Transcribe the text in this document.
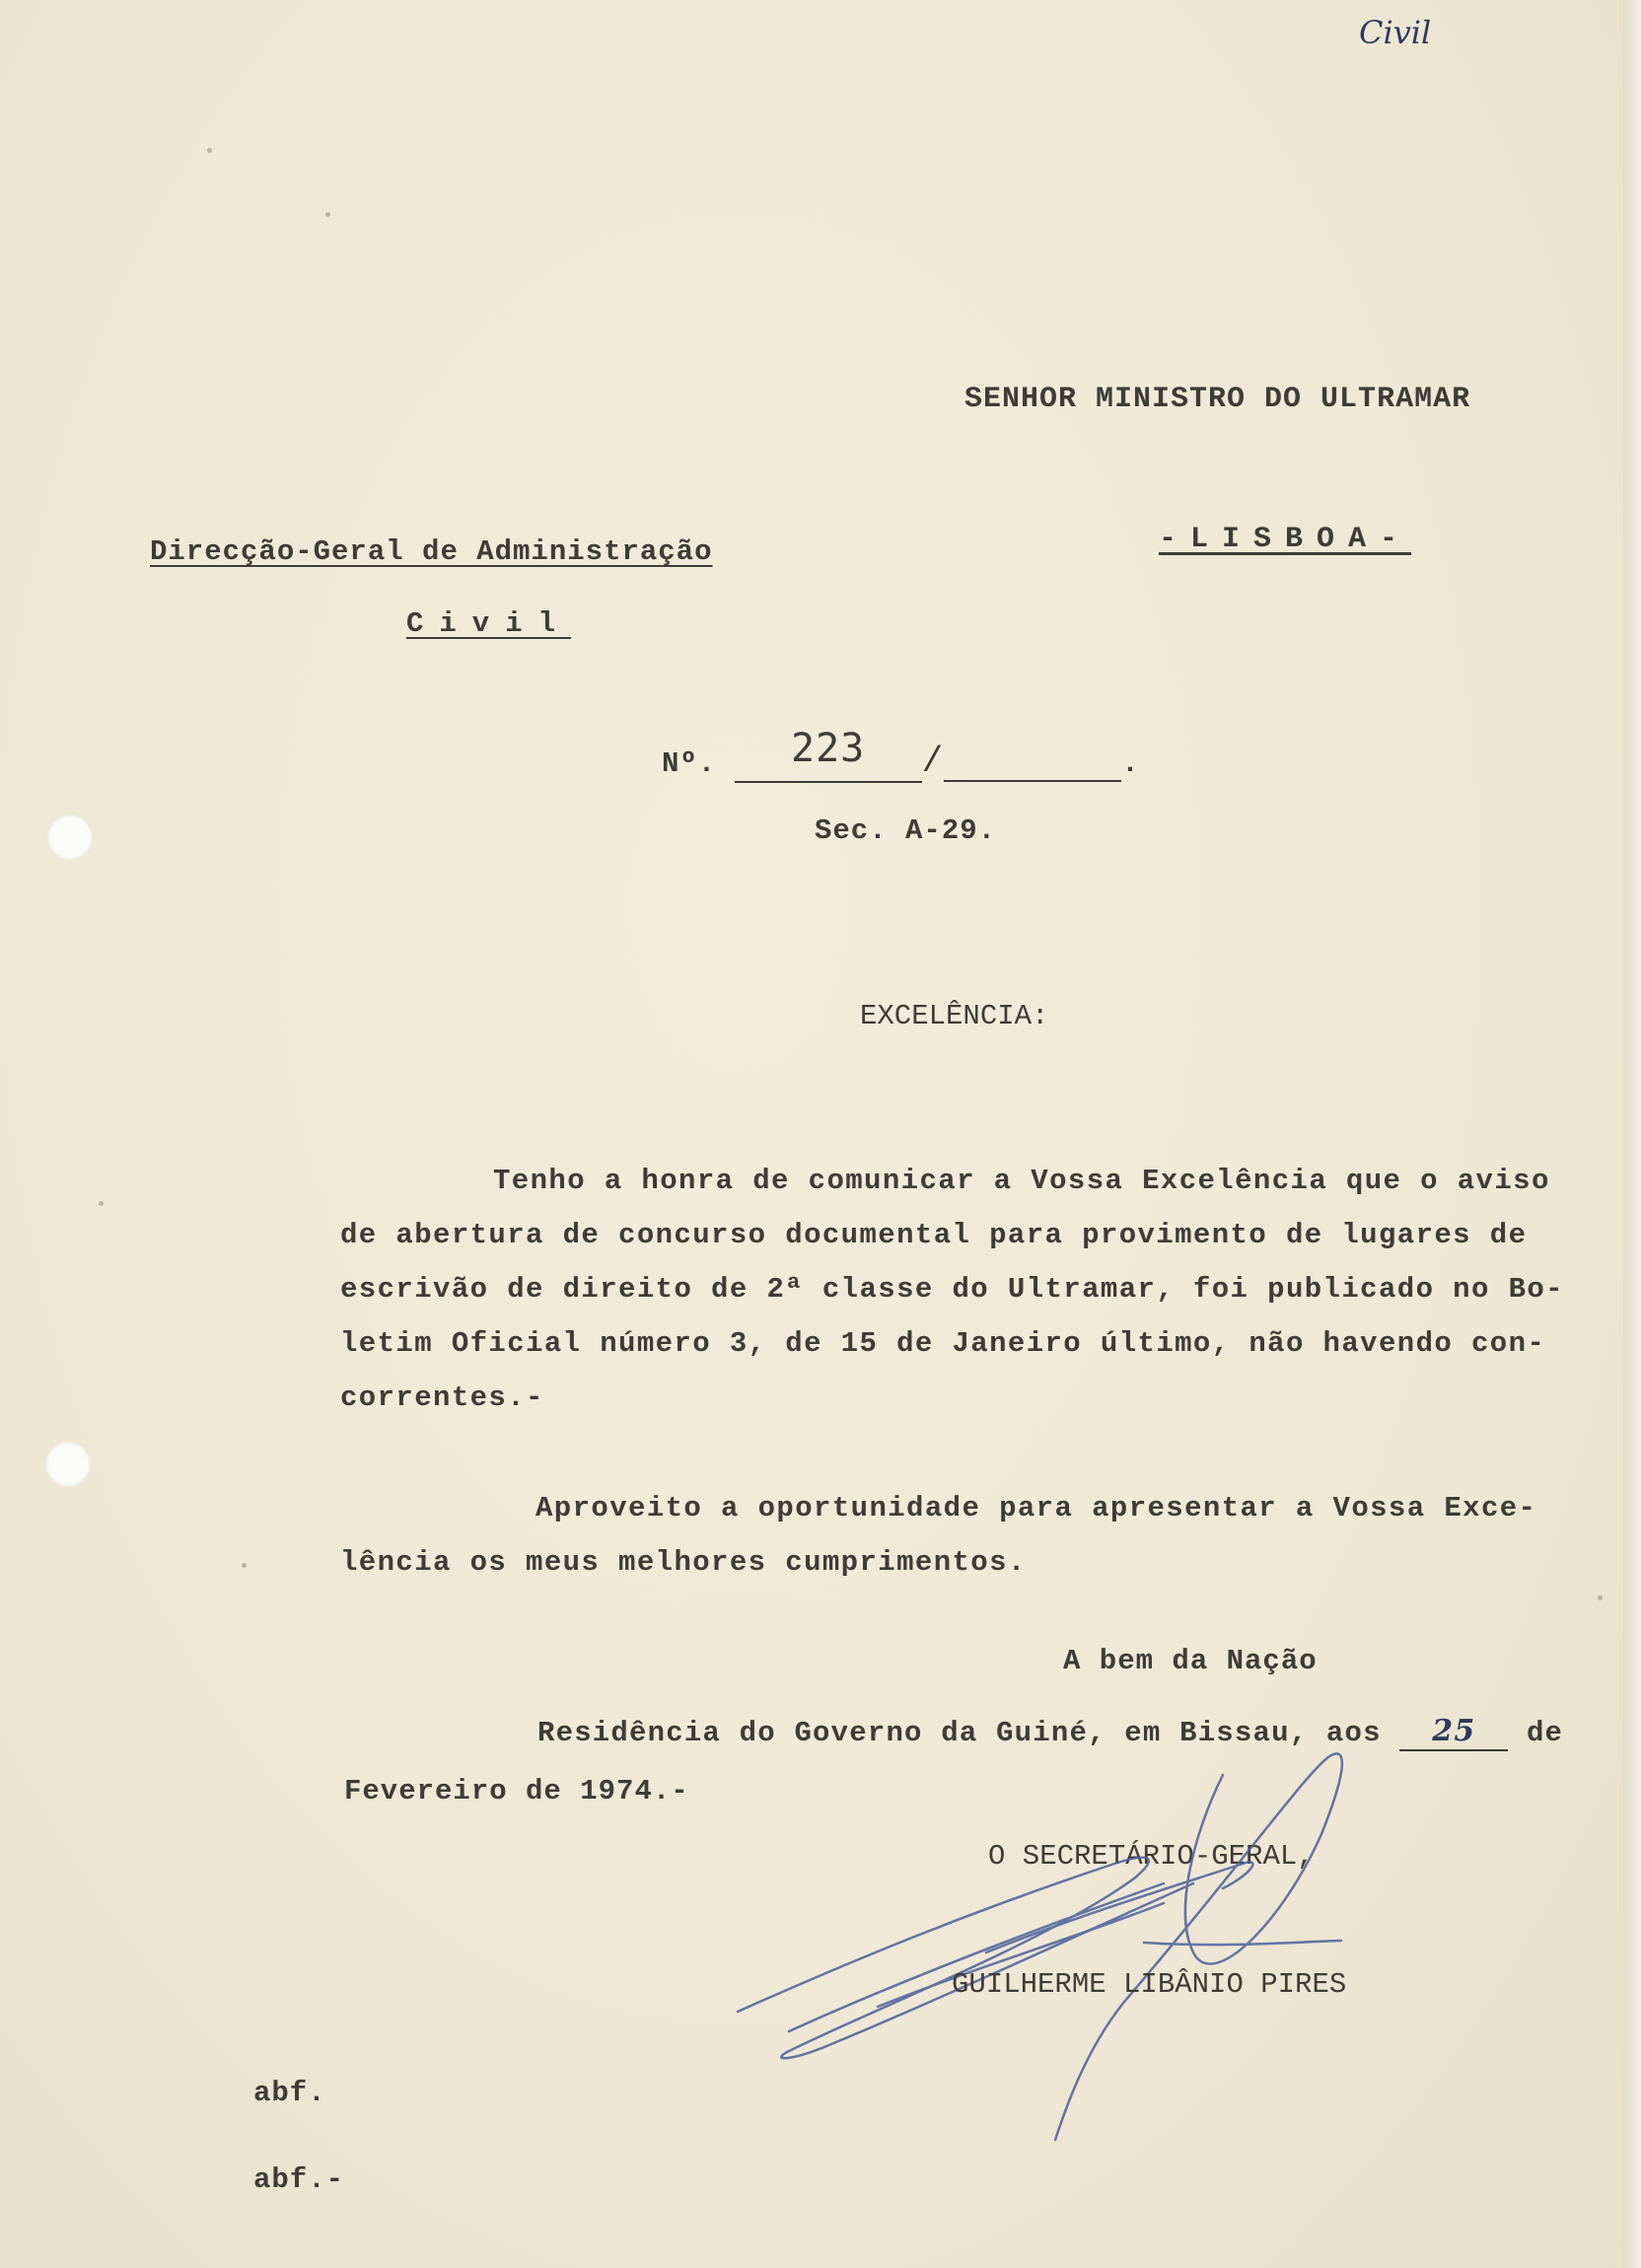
Civil
SENHOR MINISTRO DO ULTRAMAR
-LISBOA-
Direcção-Geral de Administração
Civil
Nº. 223 /	.
Sec. A-29.
EXCELÊNCIA:
Tenho a honra de comunicar a Vossa Excelência que o aviso
de abertura de concurso documental para provimento de lugares de
escrivão de direito de 2ª classe do Ultramar, foi publicado no Bo-
letim Oficial número 3, de 15 de Janeiro último, não havendo con-
correntes.-
Aproveito a oportunidade para apresentar a Vossa Exce-
lência os meus melhores cumprimentos.
A bem da Nação
Residência do Governo da Guiné, em Bissau, aos 25 de
Fevereiro de 1974.-
O SECRETÁRIO-GERAL,
GUILHERME LIBÂNIO PIRES
abf.
abf.-
